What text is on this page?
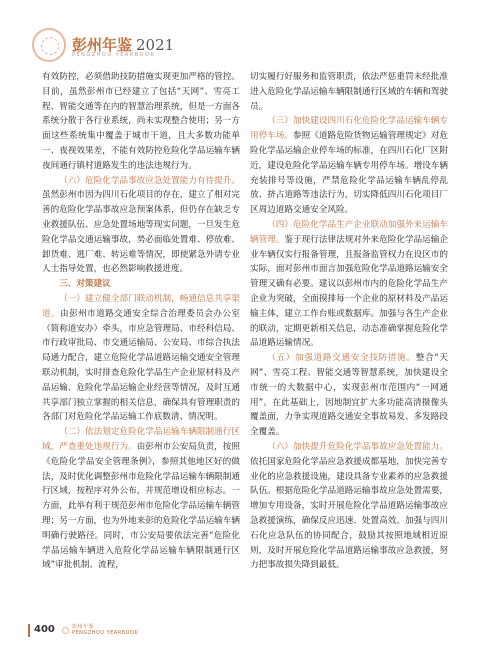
彭州年鉴 2021
PENGZHOU YEARBOOK

有效防控，必须借助技防措施实现更加严格的管控。目前，虽然彭州市已经建立了包括“天网”、雪亮工程、智能交通等在内的智慧治理系统，但是一方面各系统分散于各行业系统，尚未实现整合使用；另一方面这些系统集中覆盖于城市干道，且大多数功能单一、夜视效果差，不能有效防控危险化学品运输车辆夜间通行镇村道路发生的违法违规行为。

（六）危险化学品事故应急处置能力有待提升。虽然彭州市因为四川石化项目的存在，建立了相对完善的危险化学品事故应急预案体系，但仍存在缺乏专业救援队伍、应急处置场地等现实问题，一旦发生危险化学品交通运输事故，势必面临处置难、停放难、卸货难、逃厂难、转运难等情况，即使紧急外请专业人士指导处置，也必然影响救援进度。

三、对策建议

（一）建立健全部门联动机制，畅通信息共享渠道。由彭州市道路交通安全综合治理委员会办公室（简称道安办）牵头，市应急管理局、市经科信局、市行政审批局、市交通运输局、公安局、市综合执法局通力配合，建立危险化学品道路运输交通安全管理联动机制，实时排查危险化学品生产企业原材料及产品运输、危险化学品运输企业经营等情况，及时互通共享部门独立掌握的相关信息，确保具有管理职责的各部门对危险化学品运输工作底数清、情况明。

（二）依法划定危险化学品运输车辆限制通行区域，严查重处违规行为。由彭州市公安局负责，按照《危险化学品安全管理条例》，参照其他地区好的做法，及时优化调整彭州市危险化学品运输车辆限制通行区域，按程序对外公布，并规范增设相应标志。一方面，此举有利于规范彭州市危险化学品运输车辆管理；另一方面，也为外地来彭的危险化学品运输车辆明确行驶路径。同时，市公安局要依法完善“危险化学品运输车辆进入危险化学品运输车辆限制通行区域”审批机制、流程，

切实履行好服务和监管职责，依法严惩重罚未经批准进入危险化学品运输车辆限制通行区域的车辆和驾驶员。

（三）加快建设四川石化危险化学品运输车辆专用停车场。参照《道路危险货物运输管理规定》对危险化学品运输企业停车场的标准，在四川石化厂区附近，建设危险化学品运输车辆专用停车场。增设车辆充装排号等设施，严禁危险化学品运输车辆乱停乱放、挤占道路等违法行为，切实降低四川石化项目厂区周边道路交通安全风险。

（四）危险化学品生产企业联动加强外来运输车辆管理。鉴于现行法律法规对外来危险化学品运输企业车辆仅实行报备管理，且报备监管权力在设区市的实际，面对彭州市面言加强危险化学品道路运输安全管理又确有必要。建议以彭州市内的危险化学品生产企业为突破，全面摸排每一个企业的原材料及产品运输主体，建立工作台账或数据库。加强与各生产企业的联动，定期更新相关信息，动态准确掌握危险化学品道路运输情况。

（五）加强道路交通安全技防措施。整合“天网”、雪亮工程、智能交通等智慧系统，加快建设全市统一的大数据中心，实现彭州市范围内“一网通用”。在此基础上，因地制宜扩大多功能高清摄像头覆盖面，力争实现道路交通安全事故易发、多发路段全覆盖。

（六）加快提升危险化学品事故应急处置能力。依托国家危险化学品应急救援成都基地，加快完善专业化的应急救援设施，建设具备专业素养的应急救援队伍。根据危险化学品道路运输事故应急处置需要，增加专用设备，实时开展危险化学品道路运输事故应急救援演练，确保反应迅速、处置高效。加强与四川石化应急队伍的协同配合，鼓励其按照地域相近原则，及时开展危险化学品道路运输事故应急救援，努力把事故损失降到最低。

400	彭州年鉴
PENGZHOU YEARBOOK
